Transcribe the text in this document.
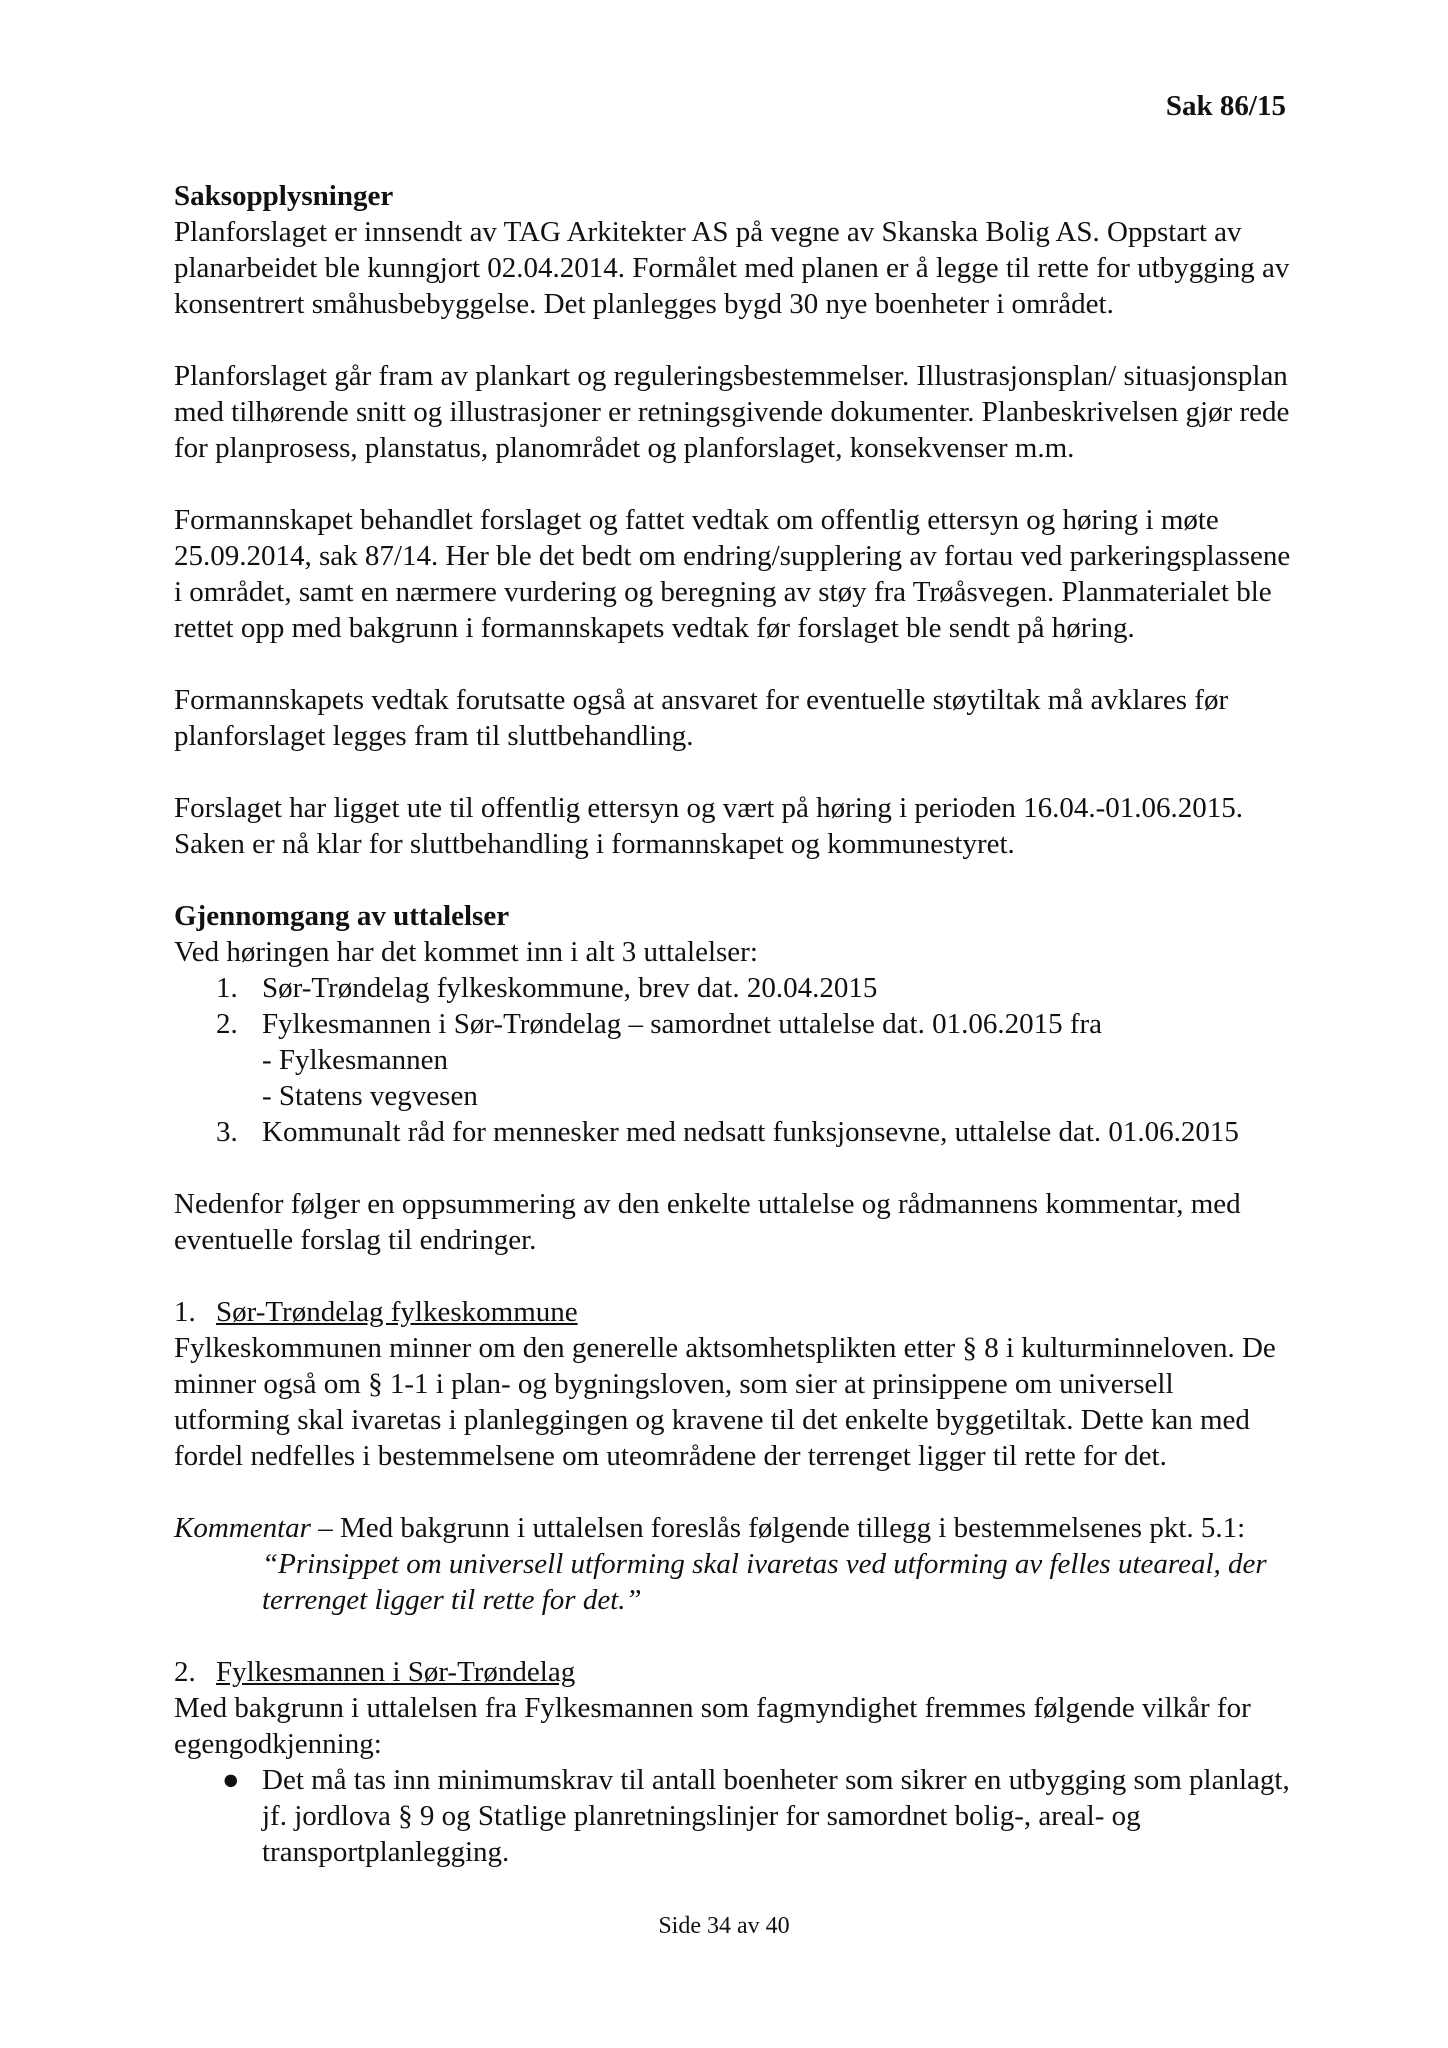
Sak 86/15
Saksopplysninger

Planforslaget er innsendt av TAG Arkitekter AS på vegne av Skanska Bolig AS. Oppstart av planarbeidet ble kunngjort 02.04.2014. Formålet med planen er å legge til rette for utbygging av konsentrert småhusbebyggelse. Det planlegges bygd 30 nye boenheter i området.

Planforslaget går fram av plankart og reguleringsbestemmelser. Illustrasjonsplan/ situasjonsplan med tilhørende snitt og illustrasjoner er retningsgivende dokumenter. Planbeskrivelsen gjør rede for planprosess, planstatus, planområdet og planforslaget, konsekvenser m.m.

Formannskapet behandlet forslaget og fattet vedtak om offentlig ettersyn og høring i møte 25.09.2014, sak 87/14. Her ble det bedt om endring/supplering av fortau ved parkeringsplassene i området, samt en nærmere vurdering og beregning av støy fra Trøåsvegen. Planmaterialet ble rettet opp med bakgrunn i formannskapets vedtak før forslaget ble sendt på høring.

Formannskapets vedtak forutsatte også at ansvaret for eventuelle støytiltak må avklares før planforslaget legges fram til sluttbehandling.

Forslaget har ligget ute til offentlig ettersyn og vært på høring i perioden 16.04.-01.06.2015. Saken er nå klar for sluttbehandling i formannskapet og kommunestyret.

Gjennomgang av uttalelser
Ved høringen har det kommet inn i alt 3 uttalelser:
1. Sør-Trøndelag fylkeskommune, brev dat. 20.04.2015
2. Fylkesmannen i Sør-Trøndelag – samordnet uttalelse dat. 01.06.2015 fra
- Fylkesmannen
- Statens vegvesen
3. Kommunalt råd for mennesker med nedsatt funksjonsevne, uttalelse dat. 01.06.2015

Nedenfor følger en oppsummering av den enkelte uttalelse og rådmannens kommentar, med eventuelle forslag til endringer.

1. Sør-Trøndelag fylkeskommune

Fylkeskommunen minner om den generelle aktsomhetsplikten etter § 8 i kulturminneloven. De minner også om § 1-1 i plan- og bygningsloven, som sier at prinsippene om universell utforming skal ivaretas i planleggingen og kravene til det enkelte byggetiltak. Dette kan med fordel nedfelles i bestemmelsene om uteområdene der terrenget ligger til rette for det.

Kommentar – Med bakgrunn i uttalelsen foreslås følgende tillegg i bestemmelsenes pkt. 5.1:
“Prinsippet om universell utforming skal ivaretas ved utforming av felles uteareal, der terrenget ligger til rette for det.”
2. Fylkesmannen i Sør-Trøndelag
Med bakgrunn i uttalelsen fra Fylkesmannen som fagmyndighet fremmes følgende vilkår for egengodkjenning:
● Det må tas inn minimumskrav til antall boenheter som sikrer en utbygging som planlagt, jf. jordlova § 9 og Statlige planretningslinjer for samordnet bolig-, areal- og transportplanlegging.
Side 34 av 40
